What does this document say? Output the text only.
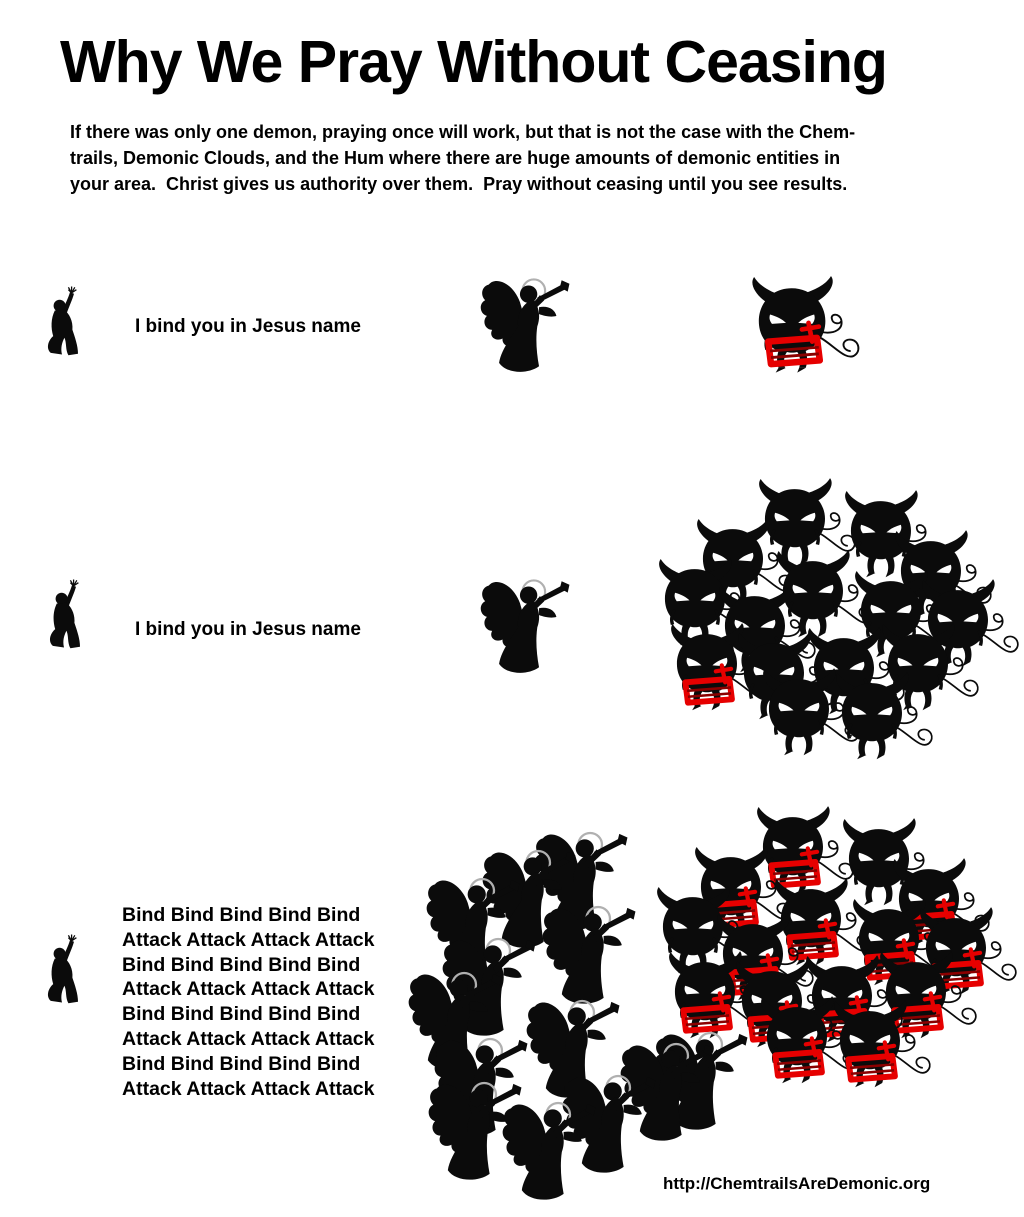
Why We Pray Without Ceasing
If there was only one demon, praying once will work, but that is not the case with the Chem-
trails, Demonic Clouds, and the Hum where there are huge amounts of demonic entities in
your area.  Christ gives us authority over them.  Pray without ceasing until you see results.
I bind you in Jesus name
I bind you in Jesus name
Bind Bind Bind Bind Bind
Attack Attack Attack Attack
Bind Bind Bind Bind Bind
Attack Attack Attack Attack
Bind Bind Bind Bind Bind
Attack Attack Attack Attack
Bind Bind Bind Bind Bind
Attack Attack Attack Attack
http://ChemtrailsAreDemonic.org
